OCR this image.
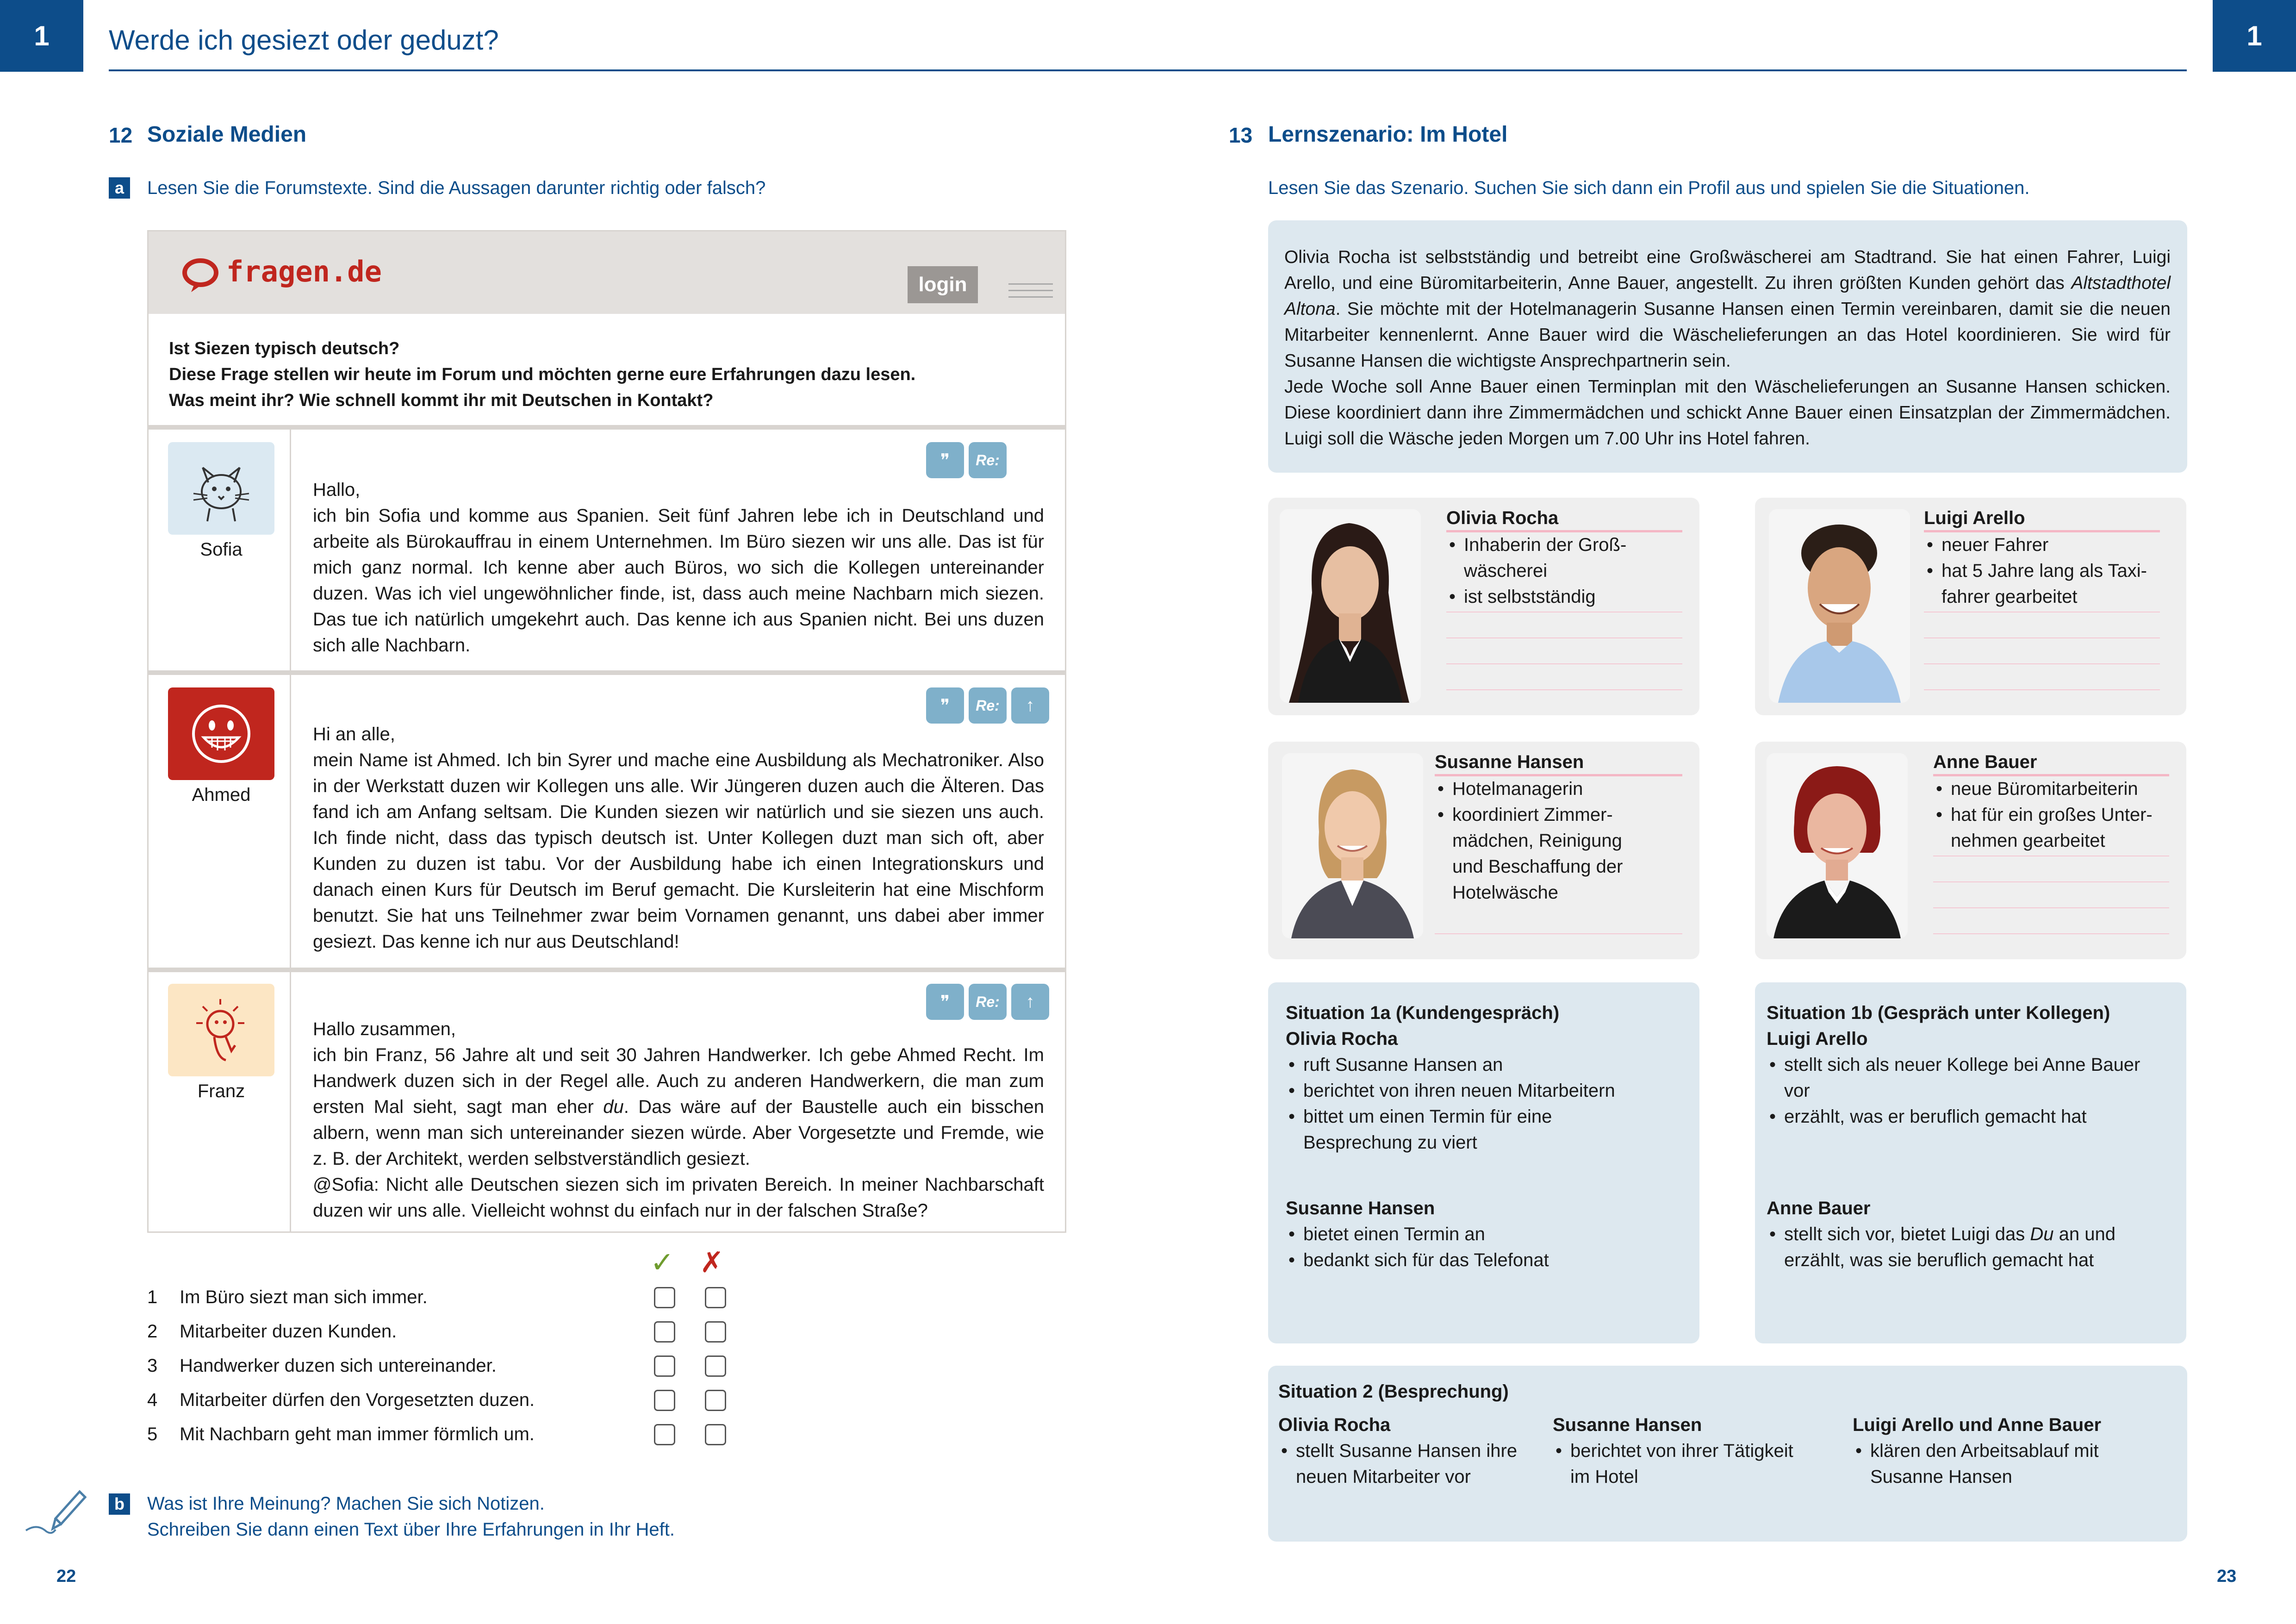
1	Werde ich gesiezt oder geduzt?	1
12 Soziale Medien
a	Lesen Sie die Forumstexte. Sind die Aussagen darunter richtig oder falsch?
fragen.de	login
Ist Siezen typisch deutsch?
Diese Frage stellen wir heute im Forum und möchten gerne eure Erfahrungen dazu lesen.
Was meint ihr? Wie schnell kommt ihr mit Deutschen in Kontakt?
Sofia
❞ Re:
Hallo,
ich bin Sofia und komme aus Spanien. Seit fünf Jahren lebe ich in Deutschland und arbeite als Bürokauffrau in einem Unternehmen. Im Büro siezen wir uns alle. Das ist für mich ganz normal. Ich kenne aber auch Büros, wo sich die Kollegen untereinander duzen. Was ich viel ungewöhnlicher finde, ist, dass auch meine Nachbarn mich siezen. Das tue ich natürlich umgekehrt auch. Das kenne ich aus Spanien nicht. Bei uns duzen sich alle Nachbarn.
Ahmed
❞ Re: ↑
Hi an alle,
mein Name ist Ahmed. Ich bin Syrer und mache eine Ausbildung als Mechatroniker. Also in der Werkstatt duzen wir Kollegen uns alle. Wir Jüngeren duzen auch die Älteren. Das fand ich am Anfang seltsam. Die Kunden siezen wir natürlich und sie siezen uns auch. Ich finde nicht, dass das typisch deutsch ist. Unter Kollegen duzt man sich oft, aber Kunden zu duzen ist tabu. Vor der Ausbildung habe ich einen Integrationskurs und danach einen Kurs für Deutsch im Beruf gemacht. Die Kursleiterin hat eine Mischform benutzt. Sie hat uns Teilnehmer zwar beim Vornamen genannt, uns dabei aber immer gesiezt. Das kenne ich nur aus Deutschland!
Franz
❞ Re: ↑
Hallo zusammen,
ich bin Franz, 56 Jahre alt und seit 30 Jahren Handwerker. Ich gebe Ahmed Recht. Im Handwerk duzen sich in der Regel alle. Auch zu anderen Handwerkern, die man zum ersten Mal sieht, sagt man eher du. Das wäre auf der Baustelle auch ein bisschen albern, wenn man sich untereinander siezen würde. Aber Vorgesetzte und Fremde, wie z. B. der Architekt, werden selbstverständlich gesiezt.
@Sofia: Nicht alle Deutschen siezen sich im privaten Bereich. In meiner Nachbarschaft duzen wir uns alle. Vielleicht wohnst du einfach nur in der falschen Straße?
✓ ✗
1 Im Büro siezt man sich immer.
2 Mitarbeiter duzen Kunden.
3 Handwerker duzen sich untereinander.
4 Mitarbeiter dürfen den Vorgesetzten duzen.
5 Mit Nachbarn geht man immer förmlich um.
b	Was ist Ihre Meinung? Machen Sie sich Notizen.
Schreiben Sie dann einen Text über Ihre Erfahrungen in Ihr Heft.
22
13 Lernszenario: Im Hotel
Lesen Sie das Szenario. Suchen Sie sich dann ein Profil aus und spielen Sie die Situationen.
Olivia Rocha ist selbstständig und betreibt eine Großwäscherei am Stadtrand. Sie hat einen Fahrer, Luigi Arello, und eine Büromitarbeiterin, Anne Bauer, angestellt. Zu ihren größten Kunden gehört das Altstadthotel Altona. Sie möchte mit der Hotelmanagerin Susanne Hansen einen Termin vereinbaren, damit sie die neuen Mitarbeiter kennenlernt. Anne Bauer wird die Wäschelieferungen an das Hotel koordinieren. Sie wird für Susanne Hansen die wichtigste Ansprechpartnerin sein.
Jede Woche soll Anne Bauer einen Terminplan mit den Wäschelieferungen an Susanne Hansen schicken. Diese koordiniert dann ihre Zimmermädchen und schickt Anne Bauer einen Einsatzplan der Zimmermädchen. Luigi soll die Wäsche jeden Morgen um 7.00 Uhr ins Hotel fahren.
Olivia Rocha
• Inhaberin der Groß-
wäscherei
• ist selbstständig
Luigi Arello
• neuer Fahrer
• hat 5 Jahre lang als Taxi-
fahrer gearbeitet
Susanne Hansen
• Hotelmanagerin
• koordiniert Zimmer-
mädchen, Reinigung
und Beschaffung der
Hotelwäsche
Anne Bauer
• neue Büromitarbeiterin
• hat für ein großes Unter-
nehmen gearbeitet
Situation 1a (Kundengespräch)
Olivia Rocha
• ruft Susanne Hansen an
• berichtet von ihren neuen Mitarbeitern
• bittet um einen Termin für eine
Besprechung zu viert
Susanne Hansen
• bietet einen Termin an
• bedankt sich für das Telefonat
Situation 1b (Gespräch unter Kollegen)
Luigi Arello
• stellt sich als neuer Kollege bei Anne Bauer
vor
• erzählt, was er beruflich gemacht hat
Anne Bauer
• stellt sich vor, bietet Luigi das Du an und
erzählt, was sie beruflich gemacht hat
Situation 2 (Besprechung)
Olivia Rocha
• stellt Susanne Hansen ihre
neuen Mitarbeiter vor
Susanne Hansen
• berichtet von ihrer Tätigkeit
im Hotel
Luigi Arello und Anne Bauer
• klären den Arbeitsablauf mit
Susanne Hansen
23
